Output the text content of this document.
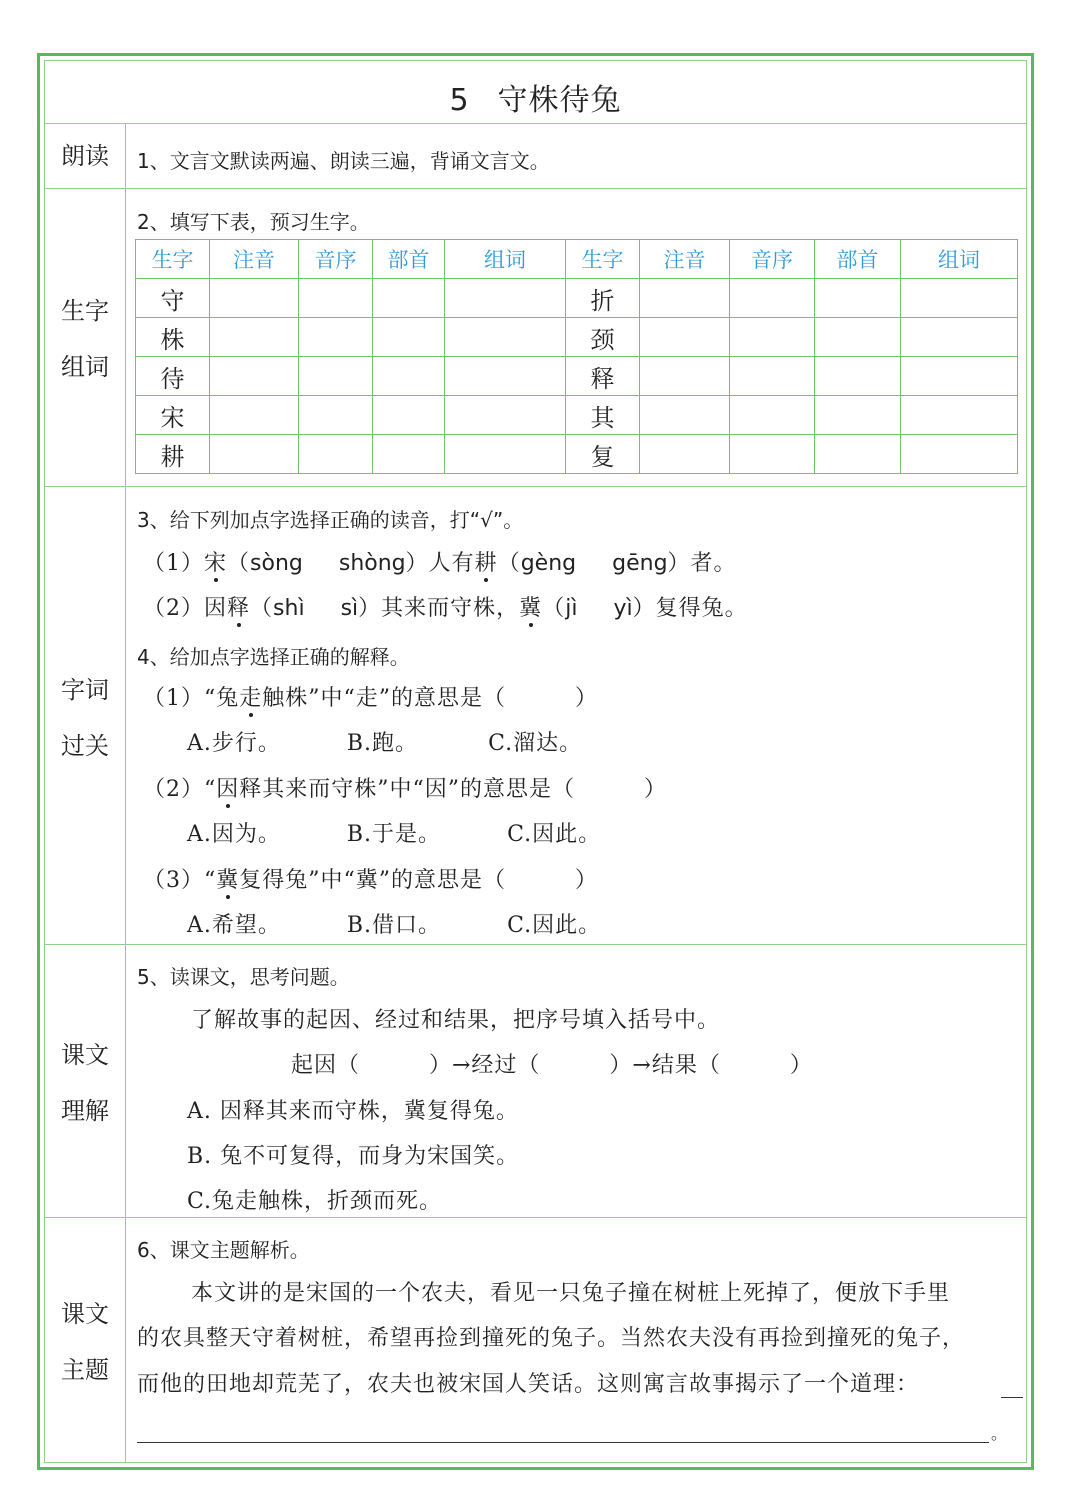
5 守株待兔
朗读	1、文言文默读两遍、朗读三遍，背诵文言文。
生字
组词
2、填写下表，预习生字。
生字	注音	音序	部首	组词	生字	注音	音序	部首	组词
守					折				
株					颈				
待					释				
宋					其				
耕					复				
字词
过关
3、给下列加点字选择正确的读音，打“√”。
（1）宋（sòng shòng）人有耕（gèng gēng）者。
（2）因释（shì sì）其来而守株，冀（jì yì）复得兔。
4、给加点字选择正确的解释。
（1）“兔走触株”中“走”的意思是（　　　）
A.步行。	B.跑。	C.溜达。
（2）“因释其来而守株”中“因”的意思是（　　　）
A.因为。	B.于是。	C.因此。
（3）“冀复得兔”中“冀”的意思是（　　　）
A.希望。	B.借口。	C.因此。
课文
理解
5、读课文，思考问题。
了解故事的起因、经过和结果，把序号填入括号中。
起因（　　　）→经过（　　　）→结果（　　　）
A. 因释其来而守株，冀复得兔。
B. 兔不可复得，而身为宋国笑。
C.兔走触株，折颈而死。
课文
主题
6、课文主题解析。
本文讲的是宋国的一个农夫，看见一只兔子撞在树桩上死掉了，便放下手里
的农具整天守着树桩，希望再捡到撞死的兔子。当然农夫没有再捡到撞死的兔子，
而他的田地却荒芜了，农夫也被宋国人笑话。这则寓言故事揭示了一个道理：
。
